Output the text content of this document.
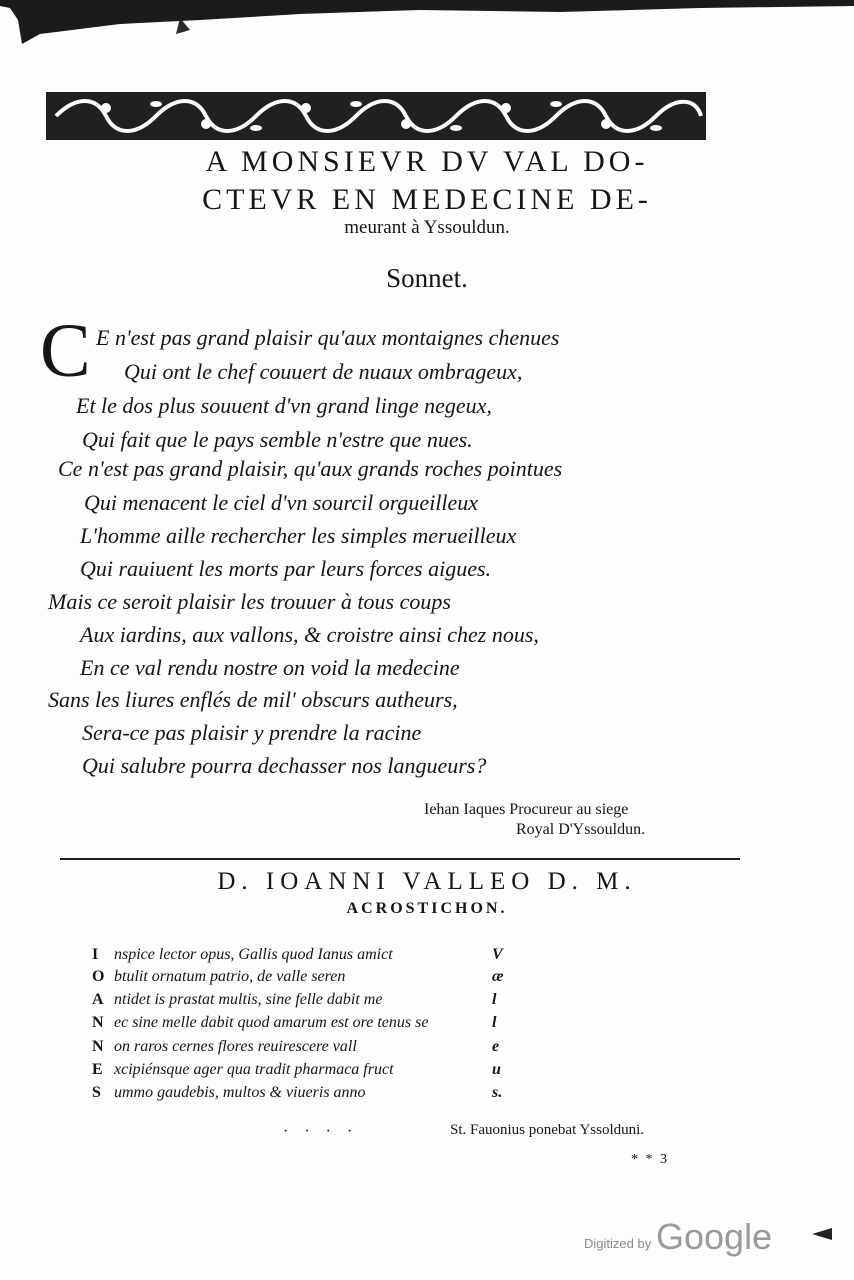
A MONSIEVR DV VAL DO-
CTEVR EN MEDECINE DE-
meurant à Yssouldun.
Sonnet.
C E n'est pas grand plaisir qu'aux montaignes chenues
Qui ont le chef couuert de nuaux ombrageux,
Et le dos plus souuent d'vn grand linge negeux,
Qui fait que le pays semble n'estre que nues.
Ce n'est pas grand plaisir, qu'aux grands roches pointues
Qui menacent le ciel d'vn sourcil orgueilleux
L'homme aille rechercher les simples merueilleux
Qui rauiuent les morts par leurs forces aigues.
Mais ce seroit plaisir les trouuer à tous coups
Aux iardins, aux vallons, & croistre ainsi chez nous,
En ce val rendu nostre on void la medecine
Sans les liures enflés de mil' obscurs autheurs,
Sera-ce pas plaisir y prendre la racine
Qui salubre pourra dechasser nos langueurs?
Iehan Iaques Procureur au siege
Royal D'Yssouldun.
D. IOANNI VALLEO D. M.
ACROSTICHON.
I nspice lector opus, Gallis quod Ianus amict	V
O btulit ornatum patrio, de valle seren	æ
A ntidet is prastat multis, sine felle dabit me	l
N ec sine melle dabit quod amarum est ore tenus se	l
N on raros cernes flores reuirescere vall	e
E xcipiénsque ager qua tradit pharmaca fruct	u
S ummo gaudebis, multos & viueris anno	s.
· · · ·	St. Fauonius ponebat Yssolduni.
* * 3
Digitized by Google
